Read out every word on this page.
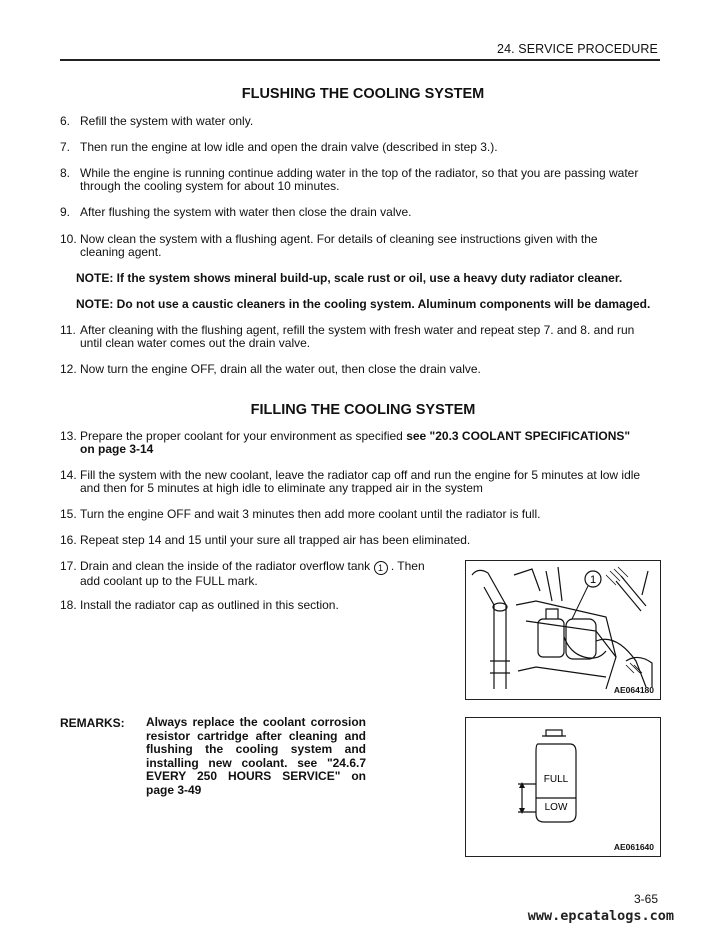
24. SERVICE PROCEDURE
FLUSHING THE COOLING SYSTEM
6. Refill the system with water only.
7. Then run the engine at low idle and open the drain valve (described in step 3.).
8. While the engine is running continue adding water in the top of the radiator, so that you are passing water through the cooling system for about 10 minutes.
9. After flushing the system with water then close the drain valve.
10. Now clean the system with a flushing agent. For details of cleaning see instructions given with the cleaning agent.
NOTE: If the system shows mineral build-up, scale rust or oil, use a heavy duty radiator cleaner.
NOTE: Do not use a caustic cleaners in the cooling system. Aluminum components will be damaged.
11. After cleaning with the flushing agent, refill the system with fresh water and repeat step 7. and 8. and run until clean water comes out the drain valve.
12. Now turn the engine OFF, drain all the water out, then close the drain valve.
FILLING THE COOLING SYSTEM
13. Prepare the proper coolant for your environment as specified see "20.3 COOLANT SPECIFICATIONS" on page 3-14
14. Fill the system with the new coolant, leave the radiator cap off and run the engine for 5 minutes at low idle and then for 5 minutes at high idle to eliminate any trapped air in the system
15. Turn the engine OFF and wait 3 minutes then add more coolant until the radiator is full.
16. Repeat step 14 and 15 until your sure all trapped air has been eliminated.
17. Drain and clean the inside of the radiator overflow tank 1 . Then add coolant up to the FULL mark.
18. Install the radiator cap as outlined in this section.
1
AE064180
FULL
LOW
AE061640
REMARKS: Always replace the coolant corrosion resistor cartridge after cleaning and flushing the cooling system and installing new coolant. see "24.6.7 EVERY 250 HOURS SERVICE" on page 3-49
3-65
www.epcatalogs.com
